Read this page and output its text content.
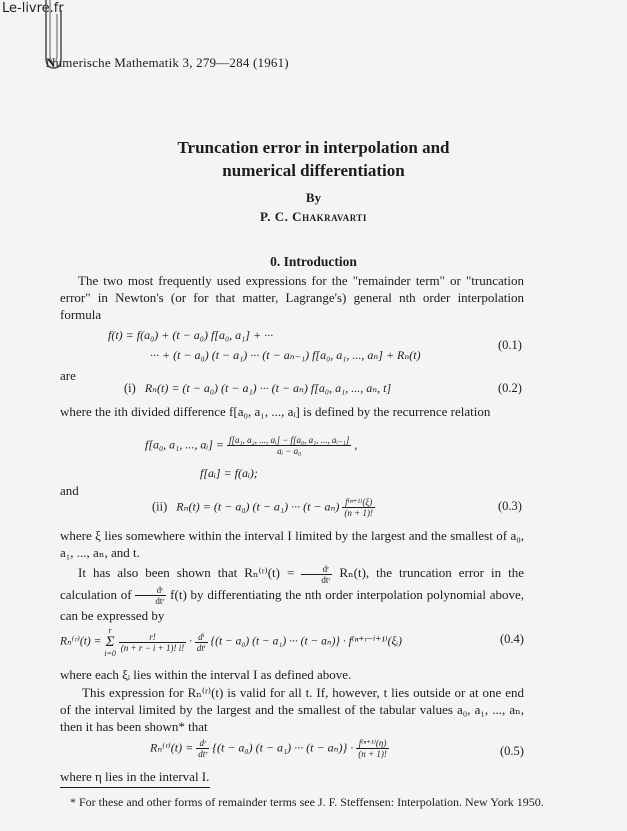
Le-livre.fr
Numerische Mathematik 3, 279—284 (1961)
Truncation error in interpolation and
numerical differentiation
By
P. C. Chakravarti
0. Introduction
The two most frequently used expressions for the "remainder term" or "truncation error" in Newton's (or for that matter, Lagrange's) general nth order interpolation formula
f(t) = f(a₀) + (t − a₀) f[a₀, a₁] + ···
··· + (t − a₀) (t − a₁) ··· (t − aₙ₋₁) f[a₀, a₁, ..., aₙ] + Rₙ(t)
(0.1)
are
(i) Rₙ(t) = (t − a₀) (t − a₁) ··· (t − aₙ) f[a₀, a₁, ..., aₙ, t]	(0.2)
where the ith divided difference f[a₀, a₁, ..., aᵢ] is defined by the recurrence relation
f[a₀, a₁, ..., aᵢ] = $\frac{\text{f[a₁, a₂, ..., aᵢ] − f[a₀, a₁, ..., aᵢ₋₁]}}{\text{aᵢ − a₀}}$ ,
f[aᵢ] = f(aᵢ);
and
(ii) Rₙ(t) = (t − a₀) (t − a₁) ··· $(t - a_n) \frac{\text{f⁽ⁿ⁺¹⁾(ξ)}}{(n + 1)!}$	(0.3)
where ξ lies somewhere within the interval I limited by the largest and the smallest of a₀, a₁, ..., aₙ, and t.
It has also been shown that Rₙ⁽ʳ⁾(t) = $\frac{\text{dʳ}}{\text{dtʳ}} R_n(t)$, the truncation error in the calculation of $\frac{\text{dʳ}}{\text{dtʳ}} f(t)$ by differentiating the nth order interpolation polynomial above, can be expressed by
Rₙ⁽ʳ⁾(t) =
r
Σ
i=0

$\frac{r!}{(n + r - i + 1)! i!} \cdot \frac{\text{dⁱ}}{\text{dtⁱ}} \{(t - a_0) (t - a_1)$ ··· (t − aₙ)} · f⁽ⁿ⁺ʳ⁻ⁱ⁺¹⁾(ξᵢ)	(0.4)
where each ξᵢ lies within the interval I as defined above.
This expression for Rₙ⁽ʳ⁾(t) is valid for all t. If, however, t lies outside or at one end of the interval limited by the largest and the smallest of the tabular values a₀, a₁, ..., aₙ, then it has been shown* that
Rₙ⁽ʳ⁾(t) = $\frac{\text{dʳ}}{\text{dtʳ}} \{(t - a_0) (t - a_1)$ ··· $(t - a_n)\} \cdot \frac{\text{f⁽ⁿ⁺¹⁾(η)}}{(n + 1)!}$	(0.5)
where η lies in the interval I.
* For these and other forms of remainder terms see J. F. Steffensen: Interpolation. New York 1950.
